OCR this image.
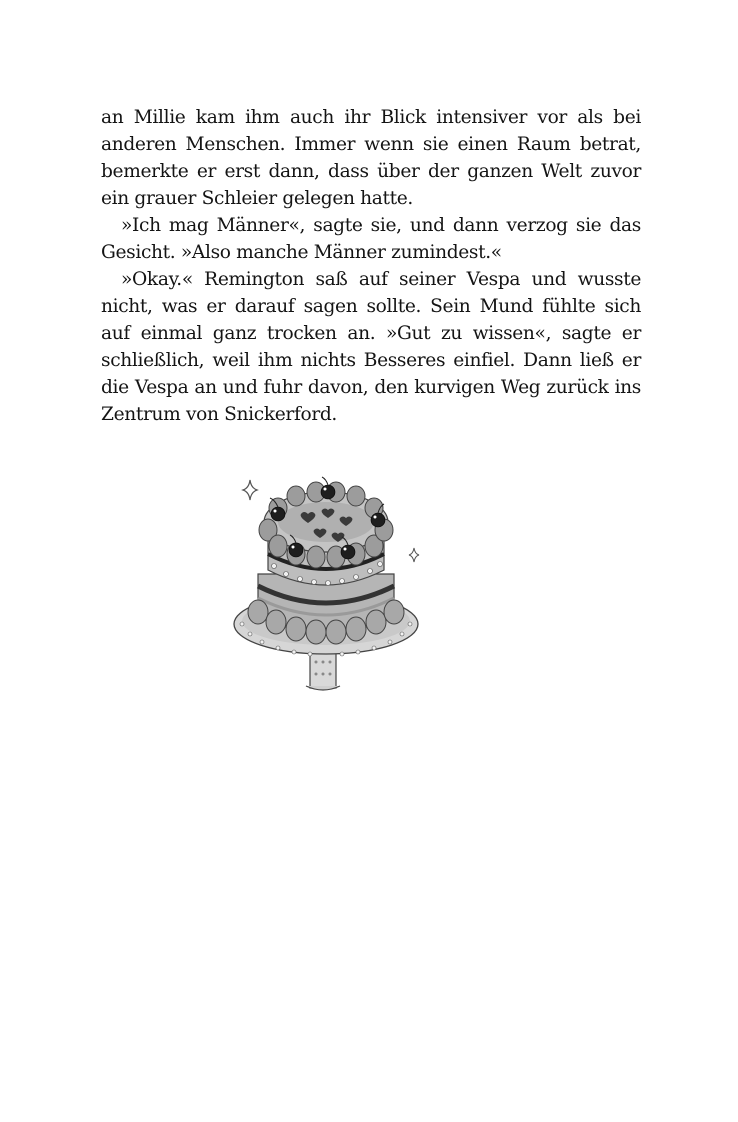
an Millie kam ihm auch ihr Blick intensiver vor als bei anderen Menschen. Immer wenn sie einen Raum betrat, bemerkte er erst dann, dass über der ganzen Welt zuvor ein grauer Schleier gelegen hatte.

»Ich mag Männer«, sagte sie, und dann verzog sie das Gesicht. »Also manche Männer zumindest.«

»Okay.« Remington saß auf seiner Vespa und wusste nicht, was er darauf sagen sollte. Sein Mund fühlte sich auf einmal ganz trocken an. »Gut zu wissen«, sagte er schließlich, weil ihm nichts Besseres einfiel. Dann ließ er die Vespa an und fuhr davon, den kurvigen Weg zurück ins Zentrum von Snickerford.
